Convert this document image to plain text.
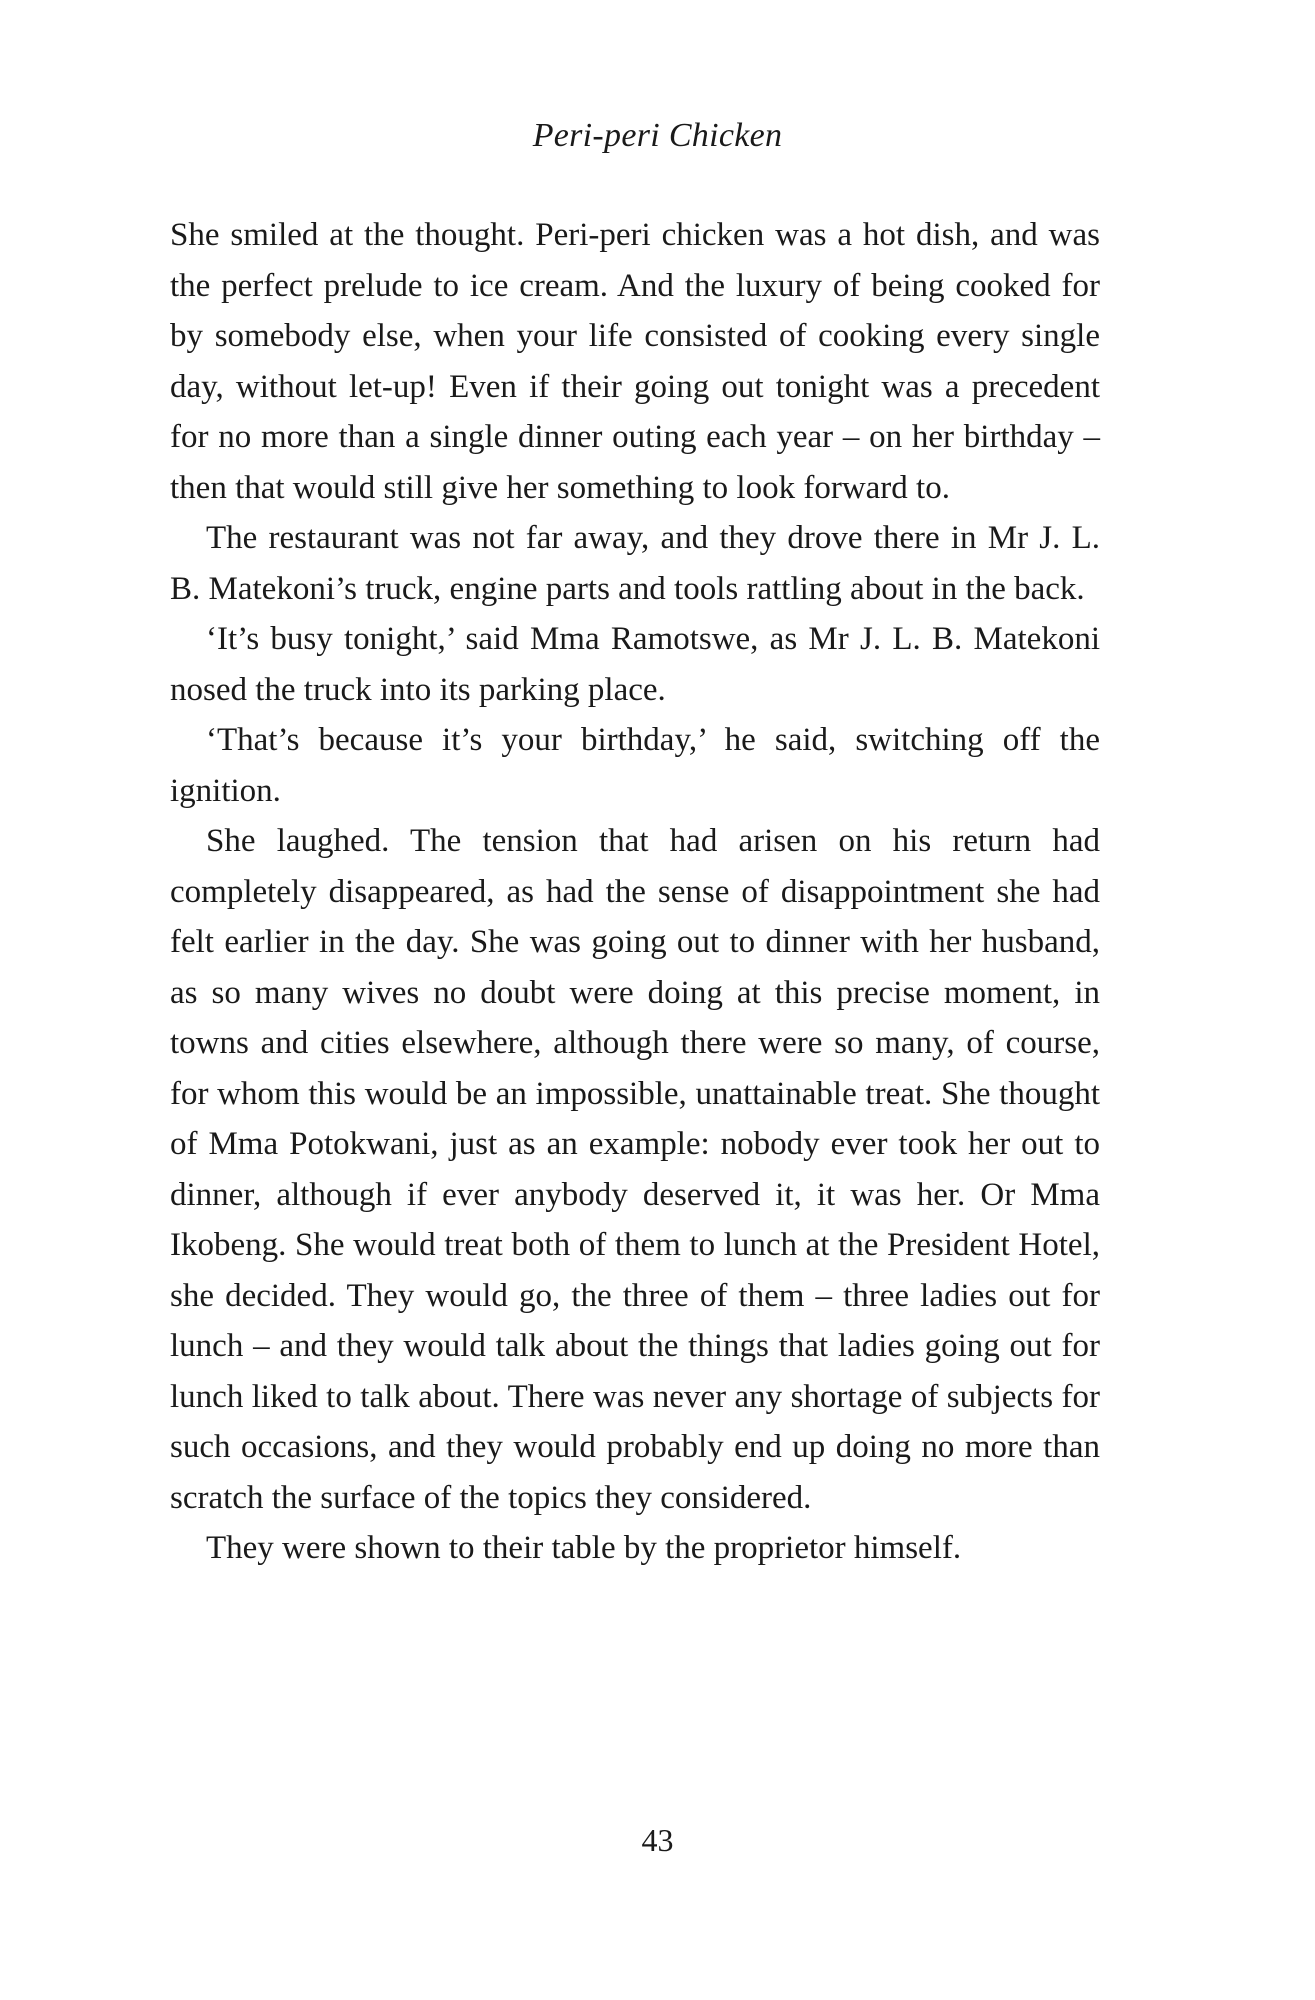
Peri-peri Chicken

She smiled at the thought. Peri-peri chicken was a hot dish, and was the perfect prelude to ice cream. And the luxury of being cooked for by somebody else, when your life consisted of cooking every single day, without let-up! Even if their going out tonight was a precedent for no more than a single dinner outing each year – on her birthday – then that would still give her something to look forward to.

The restaurant was not far away, and they drove there in Mr J. L. B. Matekoni’s truck, engine parts and tools rattling about in the back.

‘It’s busy tonight,’ said Mma Ramotswe, as Mr J. L. B. Matekoni nosed the truck into its parking place.

‘That’s because it’s your birthday,’ he said, switching off the ignition.

She laughed. The tension that had arisen on his return had completely disappeared, as had the sense of disappointment she had felt earlier in the day. She was going out to dinner with her husband, as so many wives no doubt were doing at this precise moment, in towns and cities elsewhere, although there were so many, of course, for whom this would be an impossible, unattainable treat. She thought of Mma Potokwani, just as an example: nobody ever took her out to dinner, although if ever anybody deserved it, it was her. Or Mma Ikobeng. She would treat both of them to lunch at the President Hotel, she decided. They would go, the three of them – three ladies out for lunch – and they would talk about the things that ladies going out for lunch liked to talk about. There was never any shortage of subjects for such occasions, and they would probably end up doing no more than scratch the surface of the topics they considered.

They were shown to their table by the proprietor himself.

43
